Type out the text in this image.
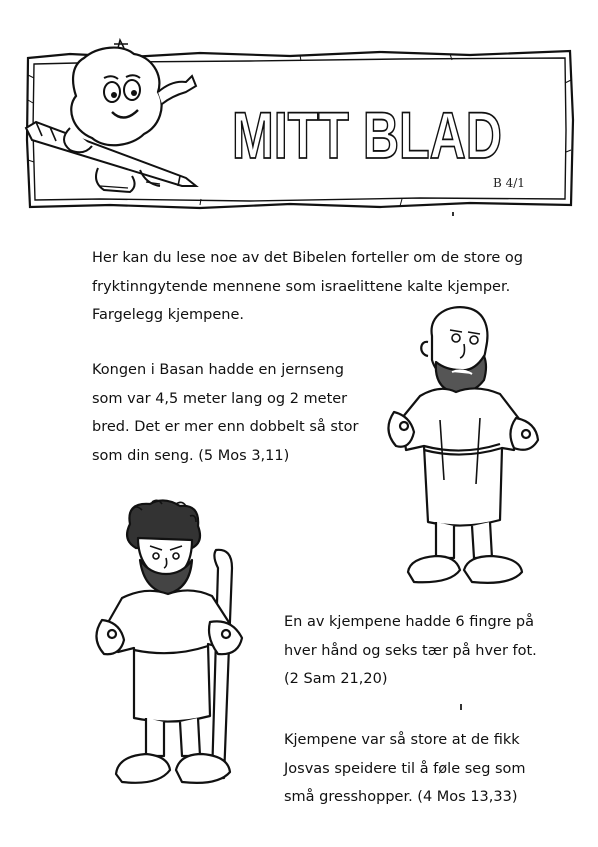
MITT BLAD
B 4/1

Her kan du lese noe av det Bibelen forteller om de store og
fryktinngytende mennene som israelittene kalte kjemper.
Fargelegg kjempene.

Kongen i Basan hadde en jernseng
som var 4,5 meter lang og 2 meter
bred. Det er mer enn dobbelt så stor
som din seng. (5 Mos 3,11)

En av kjempene hadde 6 fingre på
hver hånd og seks tær på hver fot.
(2 Sam 21,20)

Kjempene var så store at de fikk
Josvas speidere til å føle seg som
små gresshopper. (4 Mos 13,33)
